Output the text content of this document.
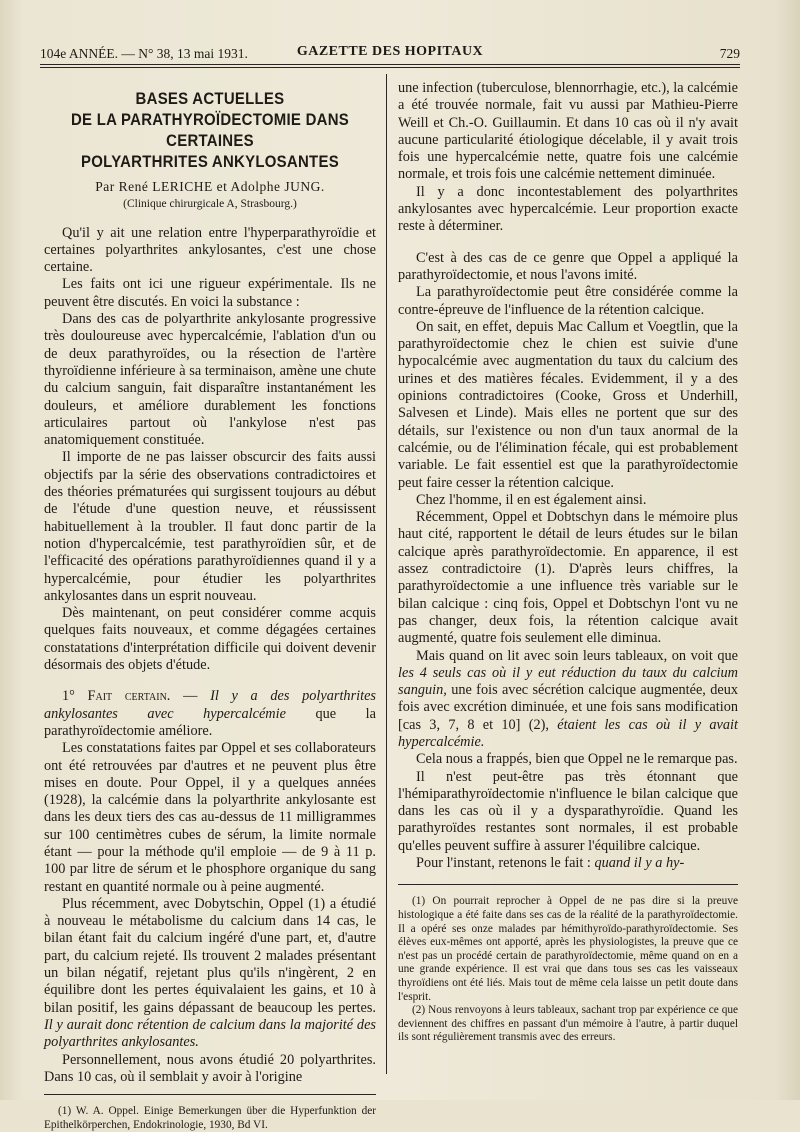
104e ANNÉE. — N° 38, 13 mai 1931.	GAZETTE DES HOPITAUX	729
BASES ACTUELLES
DE LA PARATHYROÏDECTOMIE DANS CERTAINES
POLYARTHRITES ANKYLOSANTES
Par René LERICHE et Adolphe JUNG.
(Clinique chirurgicale A, Strasbourg.)

Qu'il y ait une relation entre l'hyperparathyroïdie et certaines polyarthrites ankylosantes, c'est une chose certaine.

Les faits ont ici une rigueur expérimentale. Ils ne peuvent être discutés. En voici la substance :

Dans des cas de polyarthrite ankylosante progressive très douloureuse avec hypercalcémie, l'ablation d'un ou de deux parathyroïdes, ou la résection de l'artère thyroïdienne inférieure à sa terminaison, amène une chute du calcium sanguin, fait disparaître instantanément les douleurs, et améliore durablement les fonctions articulaires partout où l'ankylose n'est pas anatomiquement constituée.

Il importe de ne pas laisser obscurcir des faits aussi objectifs par la série des observations contradictoires et des théories prématurées qui surgissent toujours au début de l'étude d'une question neuve, et réussissent habituellement à la troubler. Il faut donc partir de la notion d'hypercalcémie, test parathyroïdien sûr, et de l'efficacité des opérations parathyroïdiennes quand il y a hypercalcémie, pour étudier les polyarthrites ankylosantes dans un esprit nouveau.

Dès maintenant, on peut considérer comme acquis quelques faits nouveaux, et comme dégagées certaines constatations d'interprétation difficile qui doivent devenir désormais des objets d'étude.

1° Fait certain. — Il y a des polyarthrites ankylosantes avec hypercalcémie que la parathyroïdectomie améliore.

Les constatations faites par Oppel et ses collaborateurs ont été retrouvées par d'autres et ne peuvent plus être mises en doute. Pour Oppel, il y a quelques années (1928), la calcémie dans la polyarthrite ankylosante est dans les deux tiers des cas au-dessus de 11 milligrammes sur 100 centimètres cubes de sérum, la limite normale étant — pour la méthode qu'il emploie — de 9 à 11 p. 100 par litre de sérum et le phosphore organique du sang restant en quantité normale ou à peine augmenté.

Plus récemment, avec Dobytschin, Oppel (1) a étudié à nouveau le métabolisme du calcium dans 14 cas, le bilan étant fait du calcium ingéré d'une part, et, d'autre part, du calcium rejeté. Ils trouvent 2 malades présentant un bilan négatif, rejetant plus qu'ils n'ingèrent, 2 en équilibre dont les pertes équivalaient les gains, et 10 à bilan positif, les gains dépassant de beaucoup les pertes. Il y aurait donc rétention de calcium dans la majorité des polyarthrites ankylosantes.

Personnellement, nous avons étudié 20 polyarthrites. Dans 10 cas, où il semblait y avoir à l'origine

(1) W. A. Oppel. Einige Bemerkungen über die Hyperfunktion der Epithelkörperchen, Endokrinologie, 1930, Bd VI.

une infection (tuberculose, blennorrhagie, etc.), la calcémie a été trouvée normale, fait vu aussi par Mathieu-Pierre Weill et Ch.-O. Guillaumin. Et dans 10 cas où il n'y avait aucune particularité étiologique décelable, il y avait trois fois une hypercalcémie nette, quatre fois une calcémie normale, et trois fois une calcémie nettement diminuée.

Il y a donc incontestablement des polyarthrites ankylosantes avec hypercalcémie. Leur proportion exacte reste à déterminer.

C'est à des cas de ce genre que Oppel a appliqué la parathyroïdectomie, et nous l'avons imité.

La parathyroïdectomie peut être considérée comme la contre-épreuve de l'influence de la rétention calcique.

On sait, en effet, depuis Mac Callum et Voegtlin, que la parathyroïdectomie chez le chien est suivie d'une hypocalcémie avec augmentation du taux du calcium des urines et des matières fécales. Evidemment, il y a des opinions contradictoires (Cooke, Gross et Underhill, Salvesen et Linde). Mais elles ne portent que sur des détails, sur l'existence ou non d'un taux anormal de la calcémie, ou de l'élimination fécale, qui est probablement variable. Le fait essentiel est que la parathyroïdectomie peut faire cesser la rétention calcique.

Chez l'homme, il en est également ainsi.

Récemment, Oppel et Dobtschyn dans le mémoire plus haut cité, rapportent le détail de leurs études sur le bilan calcique après parathyroïdectomie. En apparence, il est assez contradictoire (1). D'après leurs chiffres, la parathyroïdectomie a une influence très variable sur le bilan calcique : cinq fois, Oppel et Dobtschyn l'ont vu ne pas changer, deux fois, la rétention calcique avait augmenté, quatre fois seulement elle diminua.

Mais quand on lit avec soin leurs tableaux, on voit que les 4 seuls cas où il y eut réduction du taux du calcium sanguin, une fois avec sécrétion calcique augmentée, deux fois avec excrétion diminuée, et une fois sans modification [cas 3, 7, 8 et 10] (2), étaient les cas où il y avait hypercalcémie.

Cela nous a frappés, bien que Oppel ne le remarque pas.

Il n'est peut-être pas très étonnant que l'hémiparathyroïdectomie n'influence le bilan calcique que dans les cas où il y a dysparathyroïdie. Quand les parathyroïdes restantes sont normales, il est probable qu'elles peuvent suffire à assurer l'équilibre calcique.

Pour l'instant, retenons le fait : quand il y a hy-

(1) On pourrait reprocher à Oppel de ne pas dire si la preuve histologique a été faite dans ses cas de la réalité de la parathyroïdectomie. Il a opéré ses onze malades par hémithyroïdo-parathyroïdectomie. Ses élèves eux-mêmes ont apporté, après les physiologistes, la preuve que ce n'est pas un procédé certain de parathyroïdectomie, même quand on en a une grande expérience. Il est vrai que dans tous ses cas les vaisseaux thyroïdiens ont été liés. Mais tout de même cela laisse un petit doute dans l'esprit.

(2) Nous renvoyons à leurs tableaux, sachant trop par expérience ce que deviennent des chiffres en passant d'un mémoire à l'autre, à partir duquel ils sont régulièrement transmis avec des erreurs.
